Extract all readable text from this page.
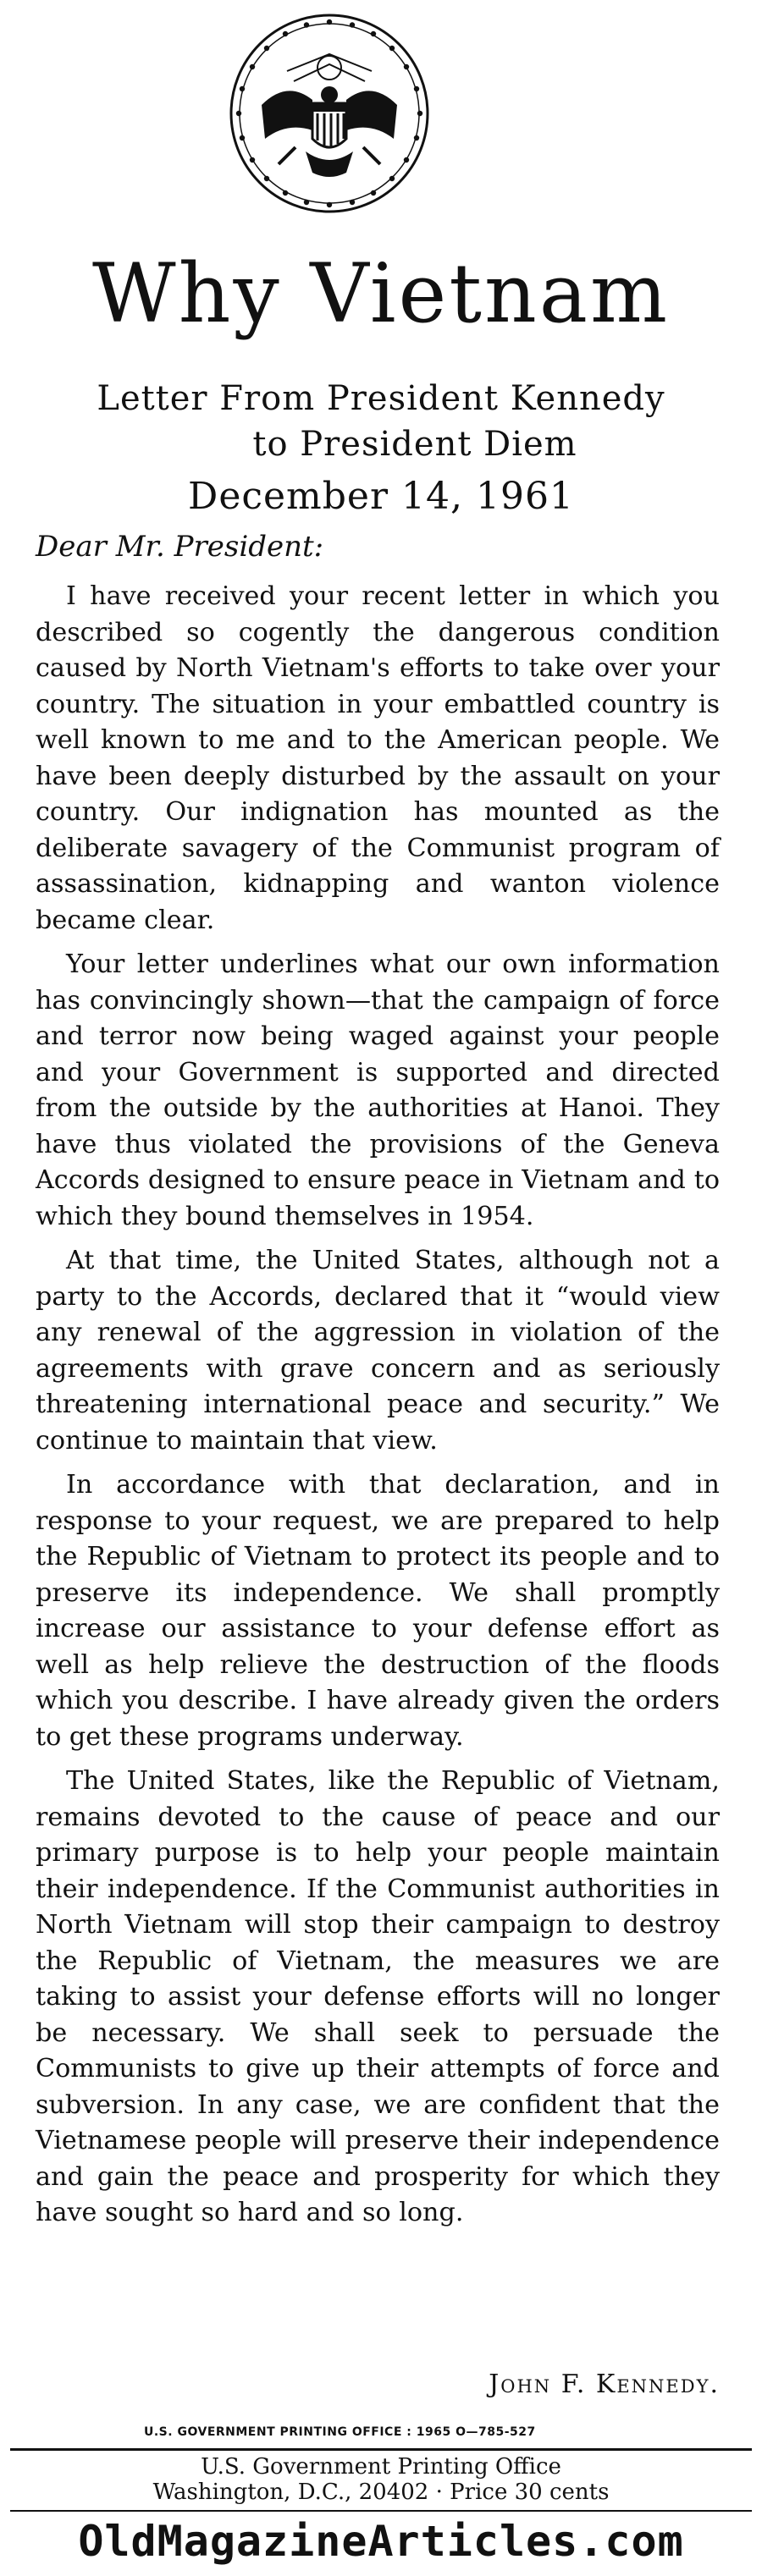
Why Vietnam
Letter From President Kennedy
to President Diem
December 14, 1961
Dear Mr. President:

I have received your recent letter in which you described so cogently the dangerous condition caused by North Vietnam's efforts to take over your country. The situation in your embattled country is well known to me and to the American people. We have been deeply disturbed by the assault on your country. Our indignation has mounted as the deliberate savagery of the Communist program of assassination, kidnapping and wanton violence became clear.

Your letter underlines what our own information has convincingly shown—that the campaign of force and terror now being waged against your people and your Government is supported and directed from the outside by the authorities at Hanoi. They have thus violated the provisions of the Geneva Accords designed to ensure peace in Vietnam and to which they bound themselves in 1954.

At that time, the United States, although not a party to the Accords, declared that it “would view any renewal of the aggression in violation of the agreements with grave concern and as seriously threatening international peace and security.” We continue to maintain that view.

In accordance with that declaration, and in response to your request, we are prepared to help the Republic of Vietnam to protect its people and to preserve its independence. We shall promptly increase our assistance to your defense effort as well as help relieve the destruction of the floods which you describe. I have already given the orders to get these programs underway.

The United States, like the Republic of Vietnam, remains devoted to the cause of peace and our primary purpose is to help your people maintain their independence. If the Communist authorities in North Vietnam will stop their campaign to destroy the Republic of Vietnam, the measures we are taking to assist your defense efforts will no longer be necessary. We shall seek to persuade the Communists to give up their attempts of force and subversion. In any case, we are confident that the Vietnamese people will preserve their independence and gain the peace and prosperity for which they have sought so hard and so long.

John F. Kennedy.
U.S. GOVERNMENT PRINTING OFFICE : 1965 O—785-527
U.S. Government Printing Office
Washington, D.C., 20402 · Price 30 cents
OldMagazineArticles.com
